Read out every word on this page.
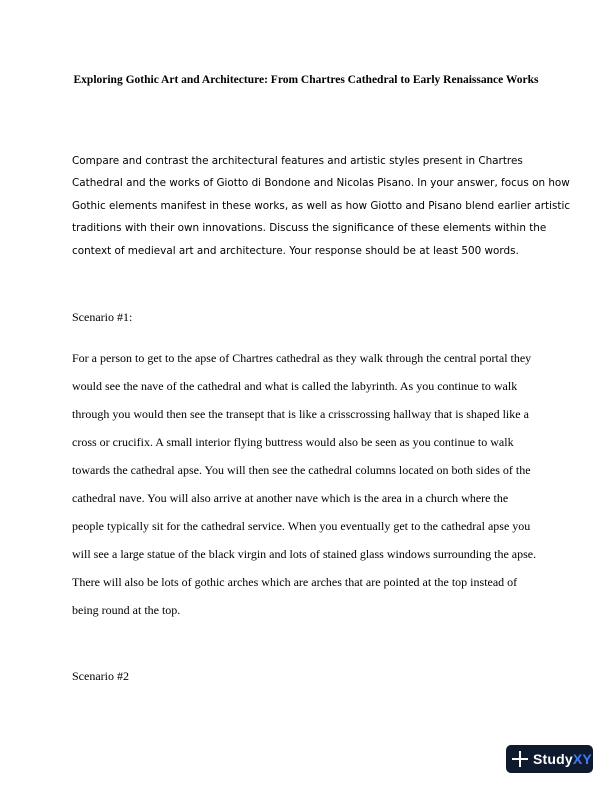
Exploring Gothic Art and Architecture: From Chartres Cathedral to Early Renaissance Works
Compare and contrast the architectural features and artistic styles present in Chartres
Cathedral and the works of Giotto di Bondone and Nicolas Pisano. In your answer, focus on how
Gothic elements manifest in these works, as well as how Giotto and Pisano blend earlier artistic
traditions with their own innovations. Discuss the significance of these elements within the
context of medieval art and architecture. Your response should be at least 500 words.
Scenario #1:
For a person to get to the apse of Chartres cathedral as they walk through the central portal they
would see the nave of the cathedral and what is called the labyrinth. As you continue to walk
through you would then see the transept that is like a crisscrossing hallway that is shaped like a
cross or crucifix. A small interior flying buttress would also be seen as you continue to walk
towards the cathedral apse. You will then see the cathedral columns located on both sides of the
cathedral nave. You will also arrive at another nave which is the area in a church where the
people typically sit for the cathedral service. When you eventually get to the cathedral apse you
will see a large statue of the black virgin and lots of stained glass windows surrounding the apse.
There will also be lots of gothic arches which are arches that are pointed at the top instead of
being round at the top.
Scenario #2
StudyXY
